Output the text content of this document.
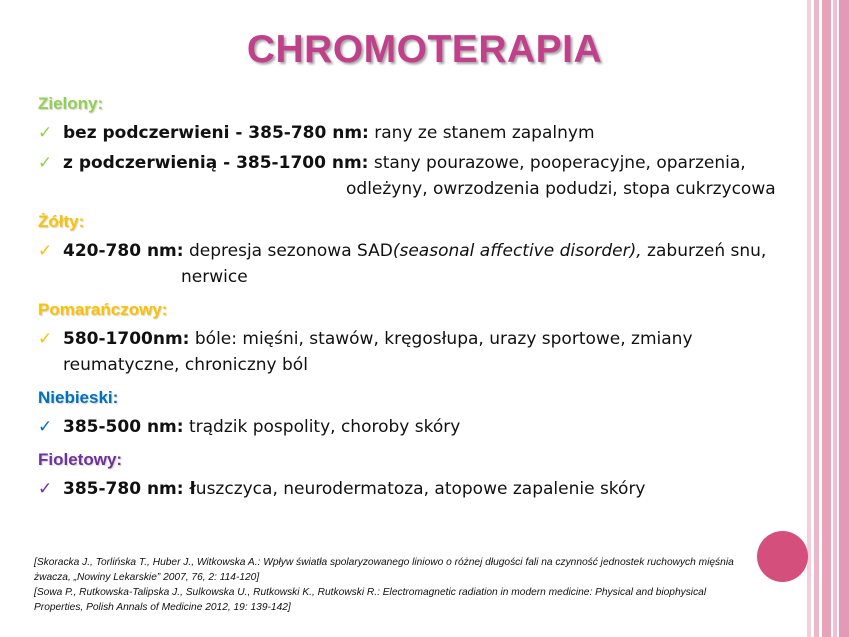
CHROMOTERAPIA
Zielony:
✓ bez podczerwieni - 385-780 nm: rany ze stanem zapalnym
✓ z podczerwienią - 385-1700 nm: stany pourazowe, pooperacyjne, oparzenia,
odleżyny, owrzodzenia podudzi, stopa cukrzycowa
Żółty:
✓ 420-780 nm: depresja sezonowa SAD(seasonal affective disorder), zaburzeń snu,
nerwice
Pomarańczowy:
✓ 580-1700nm: bóle: mięśni, stawów, kręgosłupa, urazy sportowe, zmiany
reumatyczne, chroniczny ból
Niebieski:
✓ 385-500 nm: trądzik pospolity, choroby skóry
Fioletowy:
✓ 385-780 nm: łuszczyca, neurodermatoza, atopowe zapalenie skóry

[Skoracka J., Torlińska T., Huber J., Witkowska A.: Wpływ światła spolaryzowanego liniowo o różnej długości fali na czynność jednostek ruchowych mięśnia żwacza, „Nowiny Lekarskie” 2007, 76, 2: 114-120]

[Sowa P., Rutkowska-Talipska J., Sulkowska U., Rutkowski K., Rutkowski R.: Electromagnetic radiation in modern medicine: Physical and biophysical Properties, Polish Annals of Medicine 2012, 19: 139-142]
